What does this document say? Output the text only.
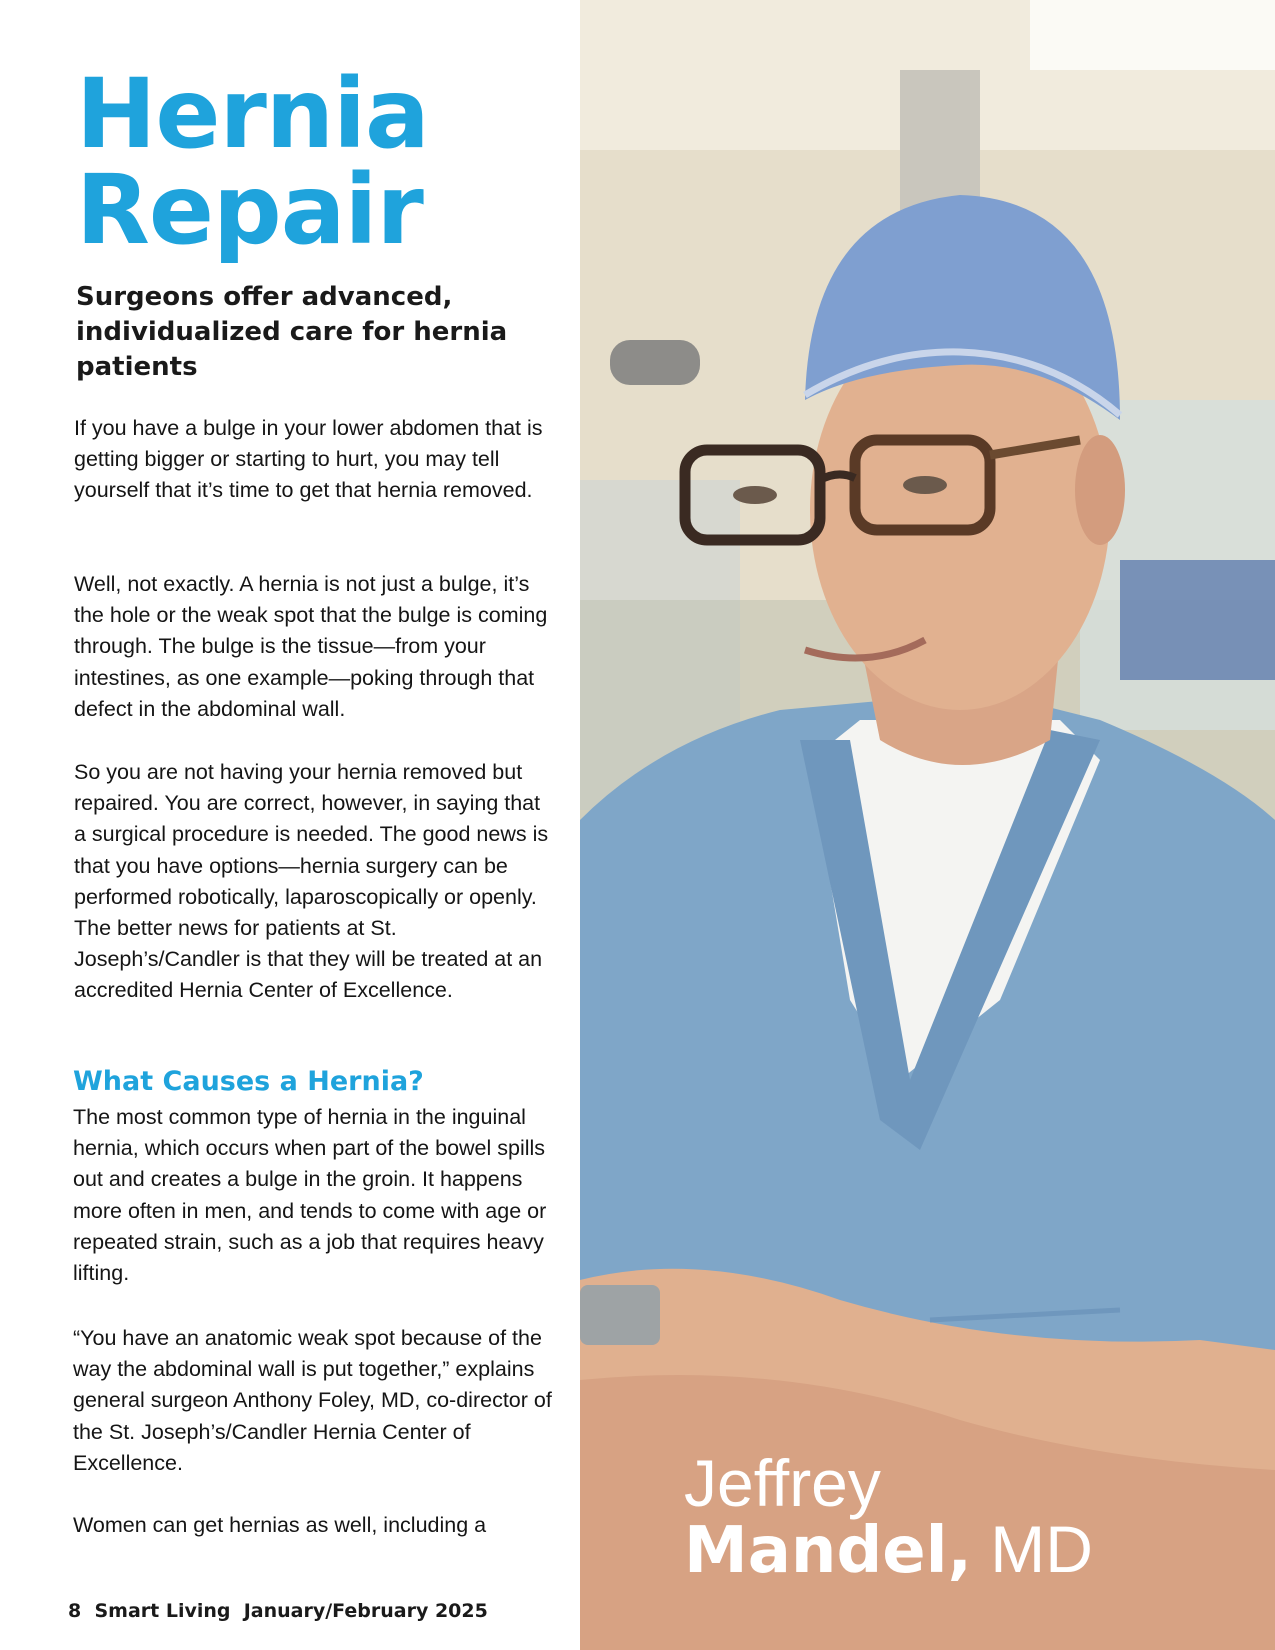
Hernia
Repair

Surgeons offer advanced, individualized care for hernia patients

If you have a bulge in your lower abdomen that is getting bigger or starting to hurt, you may tell yourself that it’s time to get that hernia removed.

Well, not exactly. A hernia is not just a bulge, it’s the hole or the weak spot that the bulge is coming through. The bulge is the tissue—from your intestines, as one example—poking through that defect in the abdominal wall.

So you are not having your hernia removed but repaired. You are correct, however, in saying that a surgical procedure is needed. The good news is that you have options—hernia surgery can be performed robotically, laparoscopically or openly. The better news for patients at St. Joseph’s/Candler is that they will be treated at an accredited Hernia Center of Excellence.

What Causes a Hernia?

The most common type of hernia in the inguinal hernia, which occurs when part of the bowel spills out and creates a bulge in the groin. It happens more often in men, and tends to come with age or repeated strain, such as a job that requires heavy lifting.

“You have an anatomic weak spot because of the way the abdominal wall is put together,” explains general surgeon Anthony Foley, MD, co-director of the St. Joseph’s/Candler Hernia Center of Excellence.

Women can get hernias as well, including a

8 Smart Living January/February 2025

Jeffrey
Mandel, MD
